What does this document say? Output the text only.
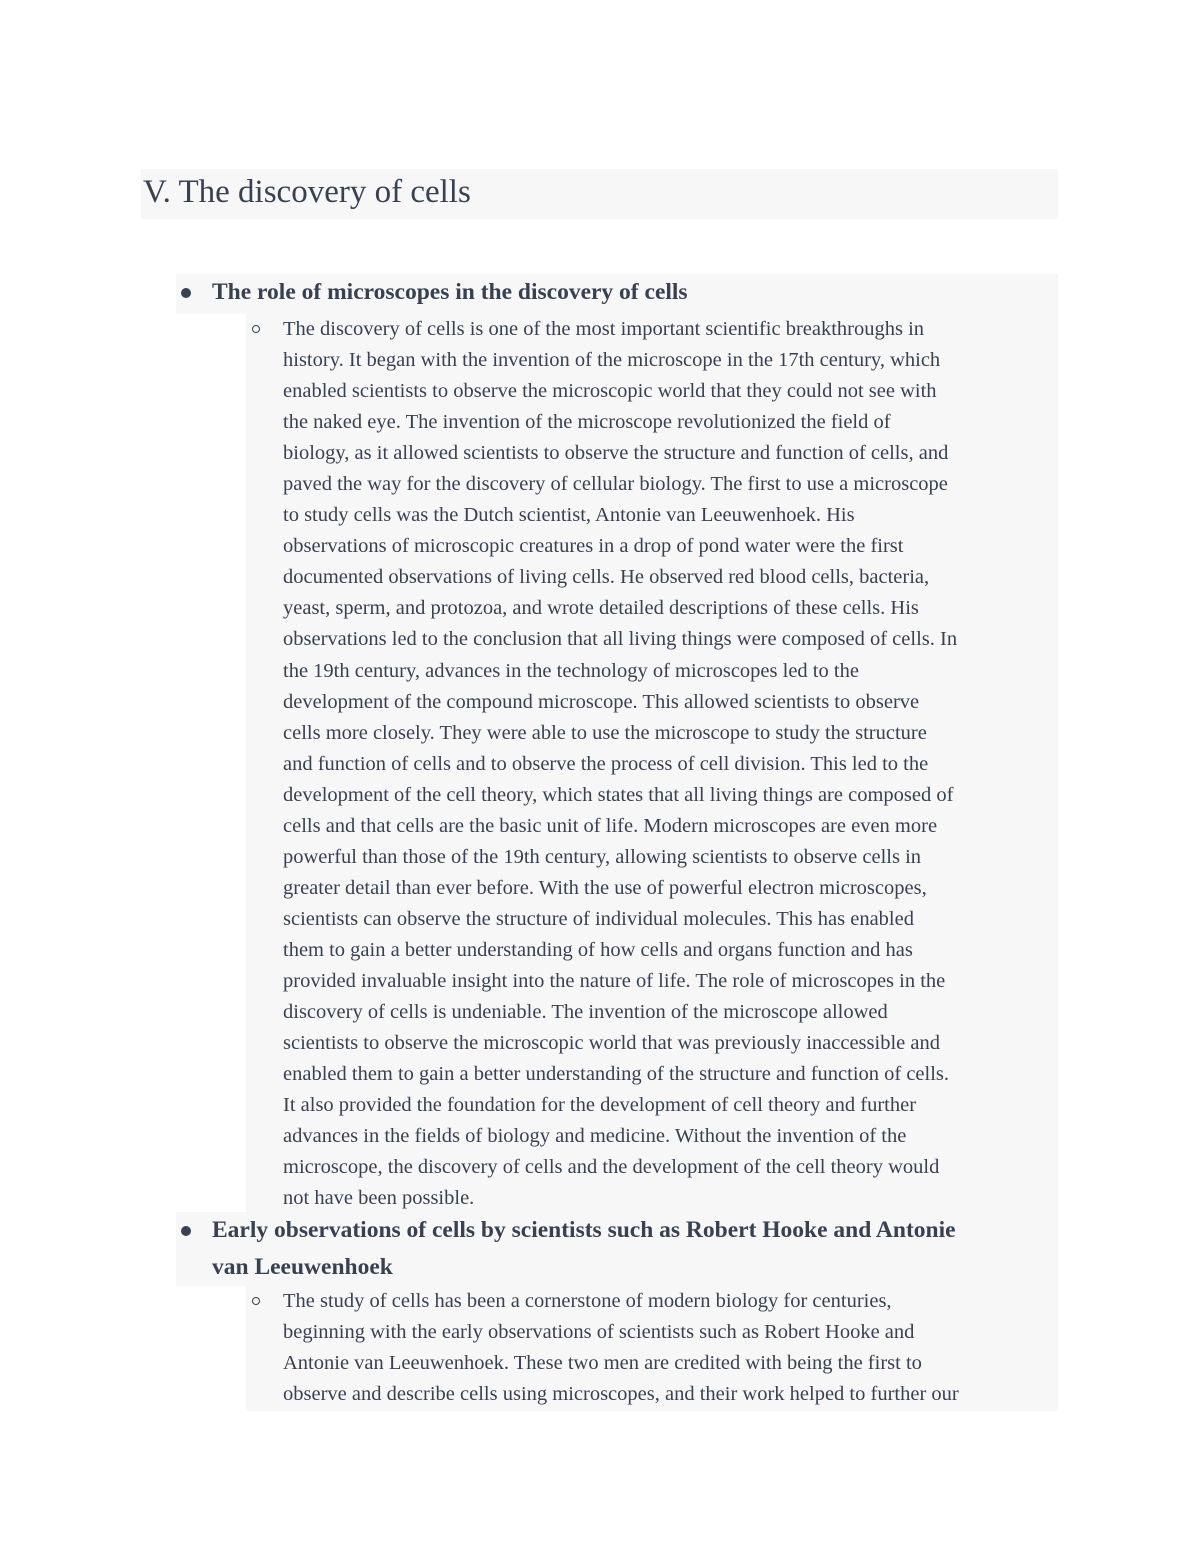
V. The discovery of cells
The role of microscopes in the discovery of cells
The discovery of cells is one of the most important scientific breakthroughs in
history. It began with the invention of the microscope in the 17th century, which
enabled scientists to observe the microscopic world that they could not see with
the naked eye. The invention of the microscope revolutionized the field of
biology, as it allowed scientists to observe the structure and function of cells, and
paved the way for the discovery of cellular biology. The first to use a microscope
to study cells was the Dutch scientist, Antonie van Leeuwenhoek. His
observations of microscopic creatures in a drop of pond water were the first
documented observations of living cells. He observed red blood cells, bacteria,
yeast, sperm, and protozoa, and wrote detailed descriptions of these cells. His
observations led to the conclusion that all living things were composed of cells. In
the 19th century, advances in the technology of microscopes led to the
development of the compound microscope. This allowed scientists to observe
cells more closely. They were able to use the microscope to study the structure
and function of cells and to observe the process of cell division. This led to the
development of the cell theory, which states that all living things are composed of
cells and that cells are the basic unit of life. Modern microscopes are even more
powerful than those of the 19th century, allowing scientists to observe cells in
greater detail than ever before. With the use of powerful electron microscopes,
scientists can observe the structure of individual molecules. This has enabled
them to gain a better understanding of how cells and organs function and has
provided invaluable insight into the nature of life. The role of microscopes in the
discovery of cells is undeniable. The invention of the microscope allowed
scientists to observe the microscopic world that was previously inaccessible and
enabled them to gain a better understanding of the structure and function of cells.
It also provided the foundation for the development of cell theory and further
advances in the fields of biology and medicine. Without the invention of the
microscope, the discovery of cells and the development of the cell theory would
not have been possible.
Early observations of cells by scientists such as Robert Hooke and Antonie
van Leeuwenhoek
The study of cells has been a cornerstone of modern biology for centuries,
beginning with the early observations of scientists such as Robert Hooke and
Antonie van Leeuwenhoek. These two men are credited with being the first to
observe and describe cells using microscopes, and their work helped to further our
